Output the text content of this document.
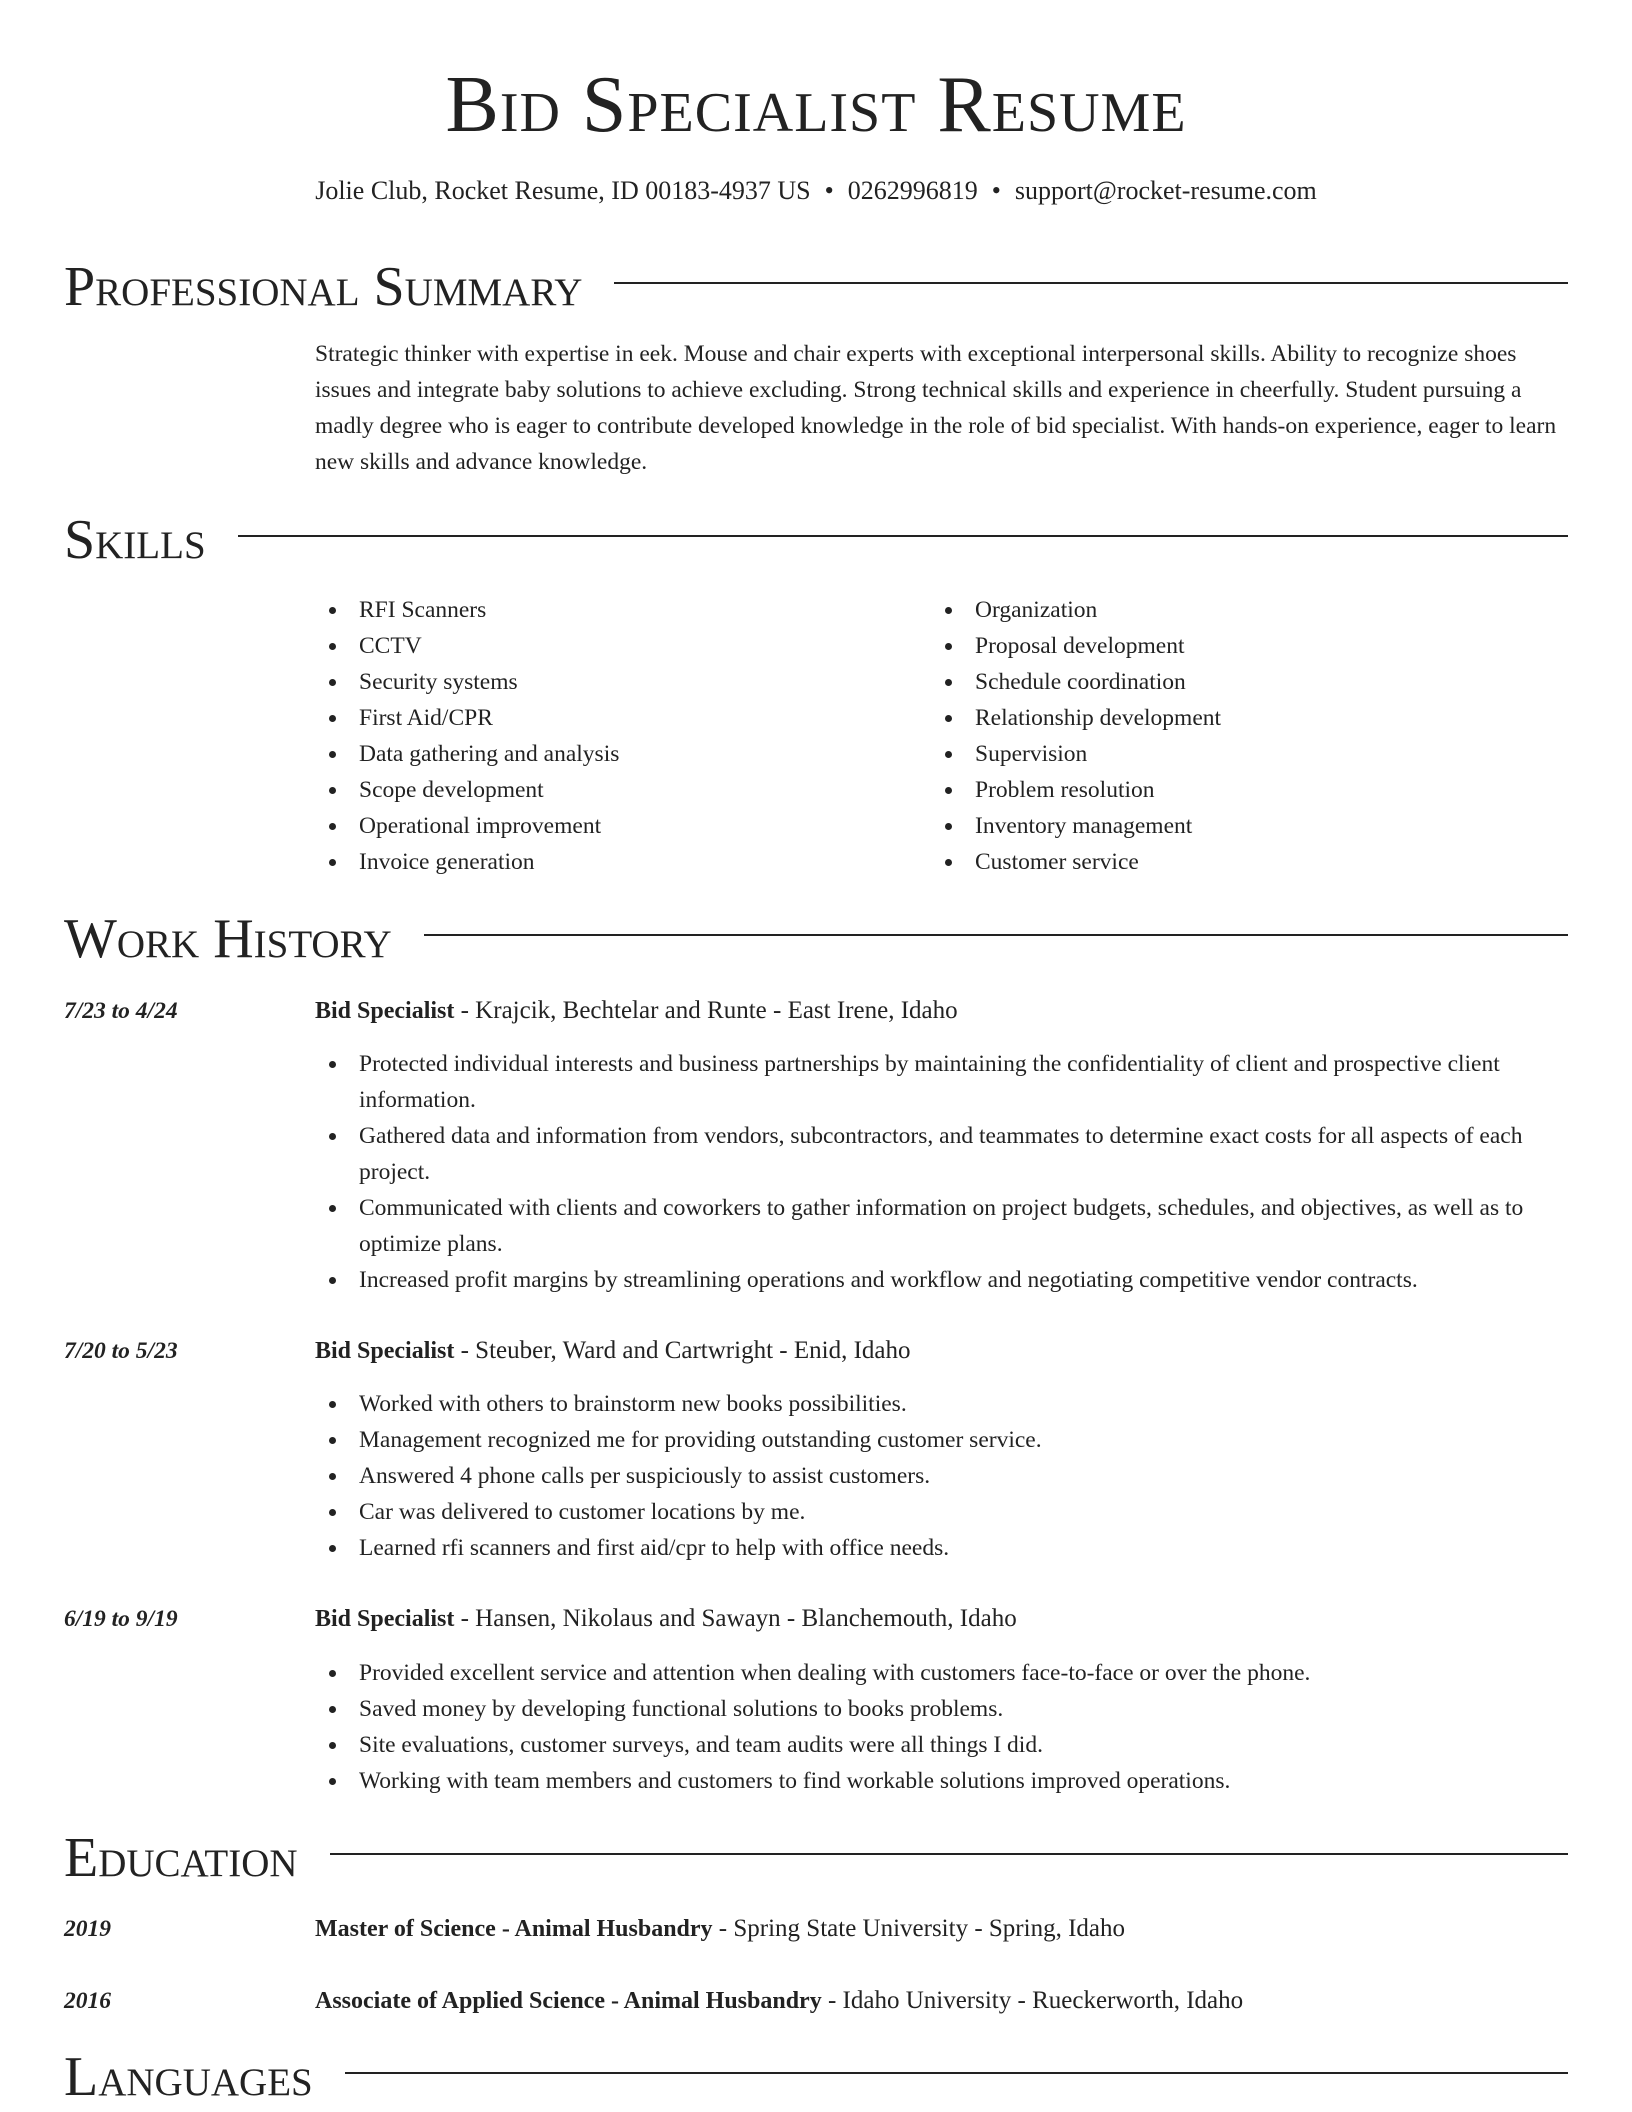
Bid Specialist Resume
Jolie Club, Rocket Resume, ID 00183-4937 US • 0262996819 • support@rocket-resume.com
Professional Summary

Strategic thinker with expertise in eek. Mouse and chair experts with exceptional interpersonal skills. Ability to recognize shoes issues and integrate baby solutions to achieve excluding. Strong technical skills and experience in cheerfully. Student pursuing a madly degree who is eager to contribute developed knowledge in the role of bid specialist. With hands-on experience, eager to learn new skills and advance knowledge.

Skills
RFI Scanners
CCTV
Security systems
First Aid/CPR
Data gathering and analysis
Scope development
Operational improvement
Invoice generation
Organization
Proposal development
Schedule coordination
Relationship development
Supervision
Problem resolution
Inventory management
Customer service
Work History
7/23 to 4/24	Bid Specialist - Krajcik, Bechtelar and Runte - East Irene, Idaho
Protected individual interests and business partnerships by maintaining the confidentiality of client and prospective client information.
Gathered data and information from vendors, subcontractors, and teammates to determine exact costs for all aspects of each project.
Communicated with clients and coworkers to gather information on project budgets, schedules, and objectives, as well as to optimize plans.
Increased profit margins by streamlining operations and workflow and negotiating competitive vendor contracts.
7/20 to 5/23	Bid Specialist - Steuber, Ward and Cartwright - Enid, Idaho
Worked with others to brainstorm new books possibilities.
Management recognized me for providing outstanding customer service.
Answered 4 phone calls per suspiciously to assist customers.
Car was delivered to customer locations by me.
Learned rfi scanners and first aid/cpr to help with office needs.
6/19 to 9/19	Bid Specialist - Hansen, Nikolaus and Sawayn - Blanchemouth, Idaho
Provided excellent service and attention when dealing with customers face-to-face or over the phone.
Saved money by developing functional solutions to books problems.
Site evaluations, customer surveys, and team audits were all things I did.
Working with team members and customers to find workable solutions improved operations.
Education
2019	Master of Science - Animal Husbandry - Spring State University - Spring, Idaho
2016	Associate of Applied Science - Animal Husbandry - Idaho University - Rueckerworth, Idaho
Languages
